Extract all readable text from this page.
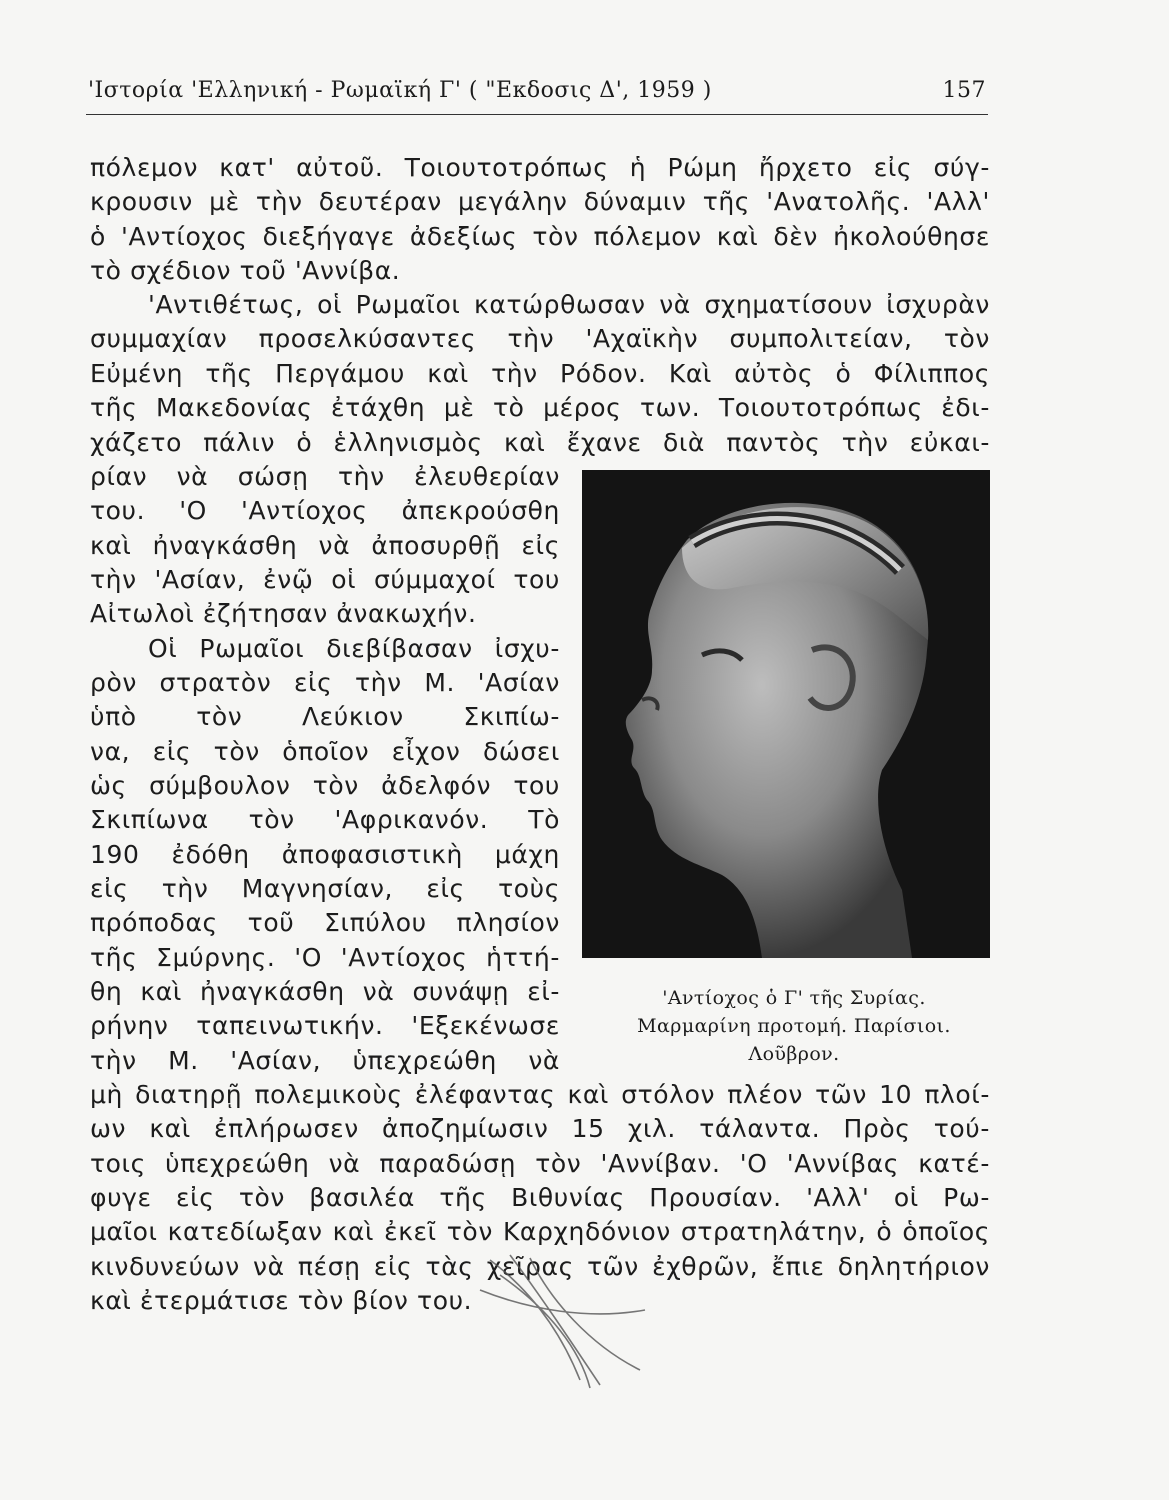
'Ιστορία 'Ελληνική - Ρωμαϊκή Γ' ( "Εκδοσις Δ', 1959 )	157
πόλεμον κατ' αὐτοῦ. Τοιουτοτρόπως ἡ Ρώμη ἤρχετο εἰς σύγ-
κρουσιν μὲ τὴν δευτέραν μεγάλην δύναμιν τῆς 'Ανατολῆς. 'Αλλ'
ὁ 'Αντίοχος διεξήγαγε ἀδεξίως τὸν πόλεμον καὶ δὲν ἠκολούθησε
τὸ σχέδιον τοῦ 'Αννίβα.
'Αντιθέτως, οἱ Ρωμαῖοι κατώρθωσαν νὰ σχηματίσουν ἰσχυρὰν
συμμαχίαν προσελκύσαντες τὴν 'Αχαϊκὴν συμπολιτείαν, τὸν
Εὐμένη τῆς Περγάμου καὶ τὴν Ρόδον. Καὶ αὐτὸς ὁ Φίλιππος
τῆς Μακεδονίας ἐτάχθη μὲ τὸ μέρος των. Τοιουτοτρόπως ἐδι-
χάζετο πάλιν ὁ ἑλληνισμὸς καὶ ἔχανε διὰ παντὸς τὴν εὐκαι-
ρίαν νὰ σώσῃ τὴν ἐλευθερίαν
του. 'Ο 'Αντίοχος ἀπεκρούσθη
καὶ ἠναγκάσθη νὰ ἀποσυρθῇ εἰς
τὴν 'Ασίαν, ἐνῷ οἱ σύμμαχοί του
Αἰτωλοὶ ἐζήτησαν ἀνακωχήν.
Οἱ Ρωμαῖοι διεβίβασαν ἰσχυ-
ρὸν στρατὸν εἰς τὴν Μ. 'Ασίαν
ὑπὸ τὸν Λεύκιον Σκιπίω-
να, εἰς τὸν ὁποῖον εἶχον δώσει
ὡς σύμβουλον τὸν ἀδελφόν του
Σκιπίωνα τὸν 'Αφρικανόν. Τὸ
190 ἐδόθη ἀποφασιστικὴ μάχη
εἰς τὴν Μαγνησίαν, εἰς τοὺς
πρόποδας τοῦ Σιπύλου πλησίον
τῆς Σμύρνης. 'Ο 'Αντίοχος ἡττή-
θη καὶ ἠναγκάσθη νὰ συνάψῃ εἰ-
ρήνην ταπεινωτικήν. 'Εξεκένωσε
τὴν Μ. 'Ασίαν, ὑπεχρεώθη νὰ
μὴ διατηρῇ πολεμικοὺς ἐλέφαντας καὶ στόλον πλέον τῶν 10 πλοί-
ων καὶ ἐπλήρωσεν ἀποζημίωσιν 15 χιλ. τάλαντα. Πρὸς τού-
τοις ὑπεχρεώθη νὰ παραδώσῃ τὸν 'Αννίβαν. 'Ο 'Αννίβας κατέ-
φυγε εἰς τὸν βασιλέα τῆς Βιθυνίας Προυσίαν. 'Αλλ' οἱ Ρω-
μαῖοι κατεδίωξαν καὶ ἐκεῖ τὸν Καρχηδόνιον στρατηλάτην, ὁ ὁποῖος
κινδυνεύων νὰ πέσῃ εἰς τὰς χεῖρας τῶν ἐχθρῶν, ἔπιε δηλητήριον
καὶ ἐτερμάτισε τὸν βίον του.
'Αντίοχος ὁ Γ' τῆς Συρίας.
Μαρμαρίνη προτομή. Παρίσιοι.
Λοῦβρον.
